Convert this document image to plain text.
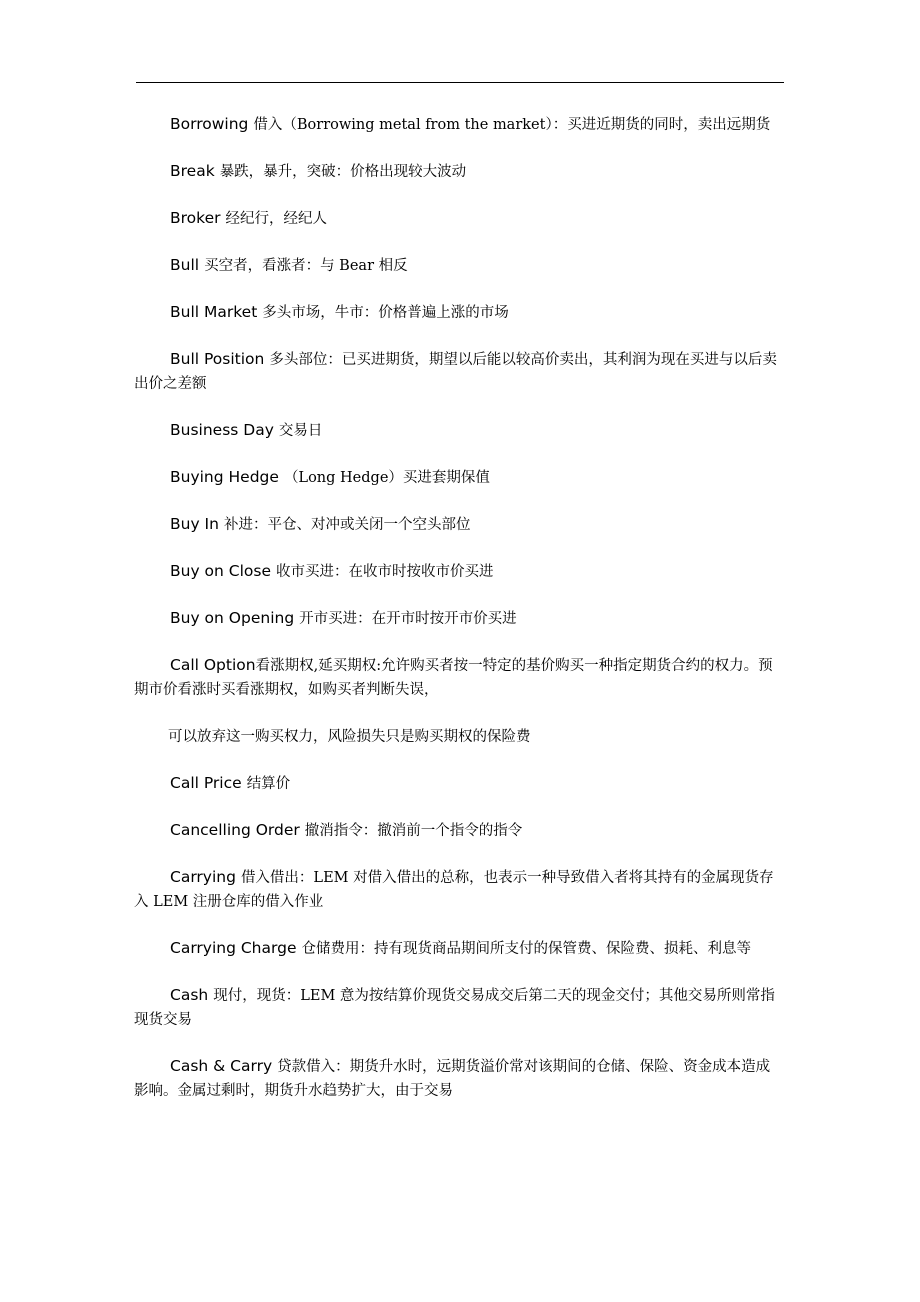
Borrowing 借入（Borrowing metal from the market）：买进近期货的同时，卖出远期货

Break 暴跌，暴升，突破：价格出现较大波动

Broker 经纪行，经纪人

Bull 买空者，看涨者：与 Bear 相反

Bull Market 多头市场，牛市：价格普遍上涨的市场

Bull Position 多头部位：已买进期货，期望以后能以较高价卖出，其利润为现在买进与以后卖出价之差额

Business Day 交易日

Buying Hedge （Long Hedge）买进套期保值

Buy In 补进：平仓、对冲或关闭一个空头部位

Buy on Close 收市买进：在收市时按收市价买进

Buy on Opening 开市买进：在开市时按开市价买进

Call Option看涨期权,延买期权:允许购买者按一特定的基价购买一种指定期货合约的权力。预期市价看涨时买看涨期权，如购买者判断失误，

可以放弃这一购买权力，风险损失只是购买期权的保险费

Call Price 结算价

Cancelling Order 撤消指令：撤消前一个指令的指令

Carrying 借入借出：LEM 对借入借出的总称，也表示一种导致借入者将其持有的金属现货存入 LEM 注册仓库的借入作业

Carrying Charge 仓储费用：持有现货商品期间所支付的保管费、保险费、损耗、利息等

Cash 现付，现货：LEM 意为按结算价现货交易成交后第二天的现金交付；其他交易所则常指现货交易

Cash & Carry 贷款借入：期货升水时，远期货溢价常对该期间的仓储、保险、资金成本造成影响。金属过剩时，期货升水趋势扩大，由于交易
